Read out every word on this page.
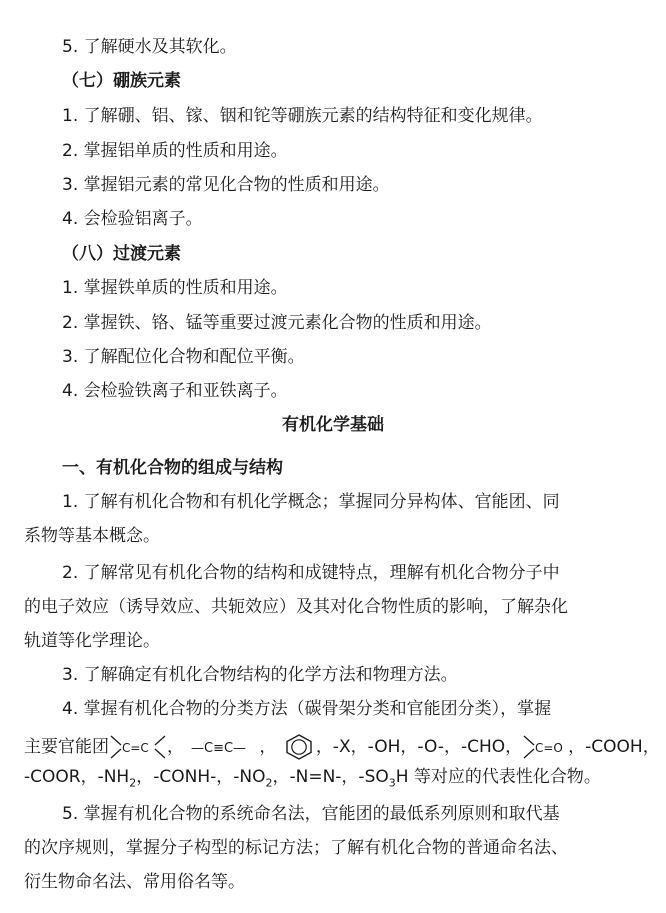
5. 了解硬水及其软化。
（七）硼族元素
1. 了解硼、铝、镓、铟和铊等硼族元素的结构特征和变化规律。
2. 掌握铝单质的性质和用途。
3. 掌握铝元素的常见化合物的性质和用途。
4. 会检验铝离子。
（八）过渡元素
1. 掌握铁单质的性质和用途。
2. 掌握铁、铬、锰等重要过渡元素化合物的性质和用途。
3. 了解配位化合物和配位平衡。
4. 会检验铁离子和亚铁离子。
有机化学基础
一、有机化合物的组成与结构
1. 了解有机化合物和有机化学概念；掌握同分异构体、官能团、同
系物等基本概念。
2. 了解常见有机化合物的结构和成键特点，理解有机化合物分子中
的电子效应（诱导效应、共轭效应）及其对化合物性质的影响，了解杂化
轨道等化学理论。
3. 了解确定有机化合物结构的化学方法和物理方法。
4. 掌握有机化合物的分类方法（碳骨架分类和官能团分类），掌握
主要官能团 C=C ， —C≡C— ， ，-X，-OH，-O-，-CHO， C=O ，-COOH，
-COOR，$-NH_2$，-CONH-，$-NO_2$，-N=N-，$-SO_3H$ 等对应的代表性化合物。
5. 掌握有机化合物的系统命名法，官能团的最低系列原则和取代基
的次序规则，掌握分子构型的标记方法；了解有机化合物的普通命名法、
衍生物命名法、常用俗名等。
